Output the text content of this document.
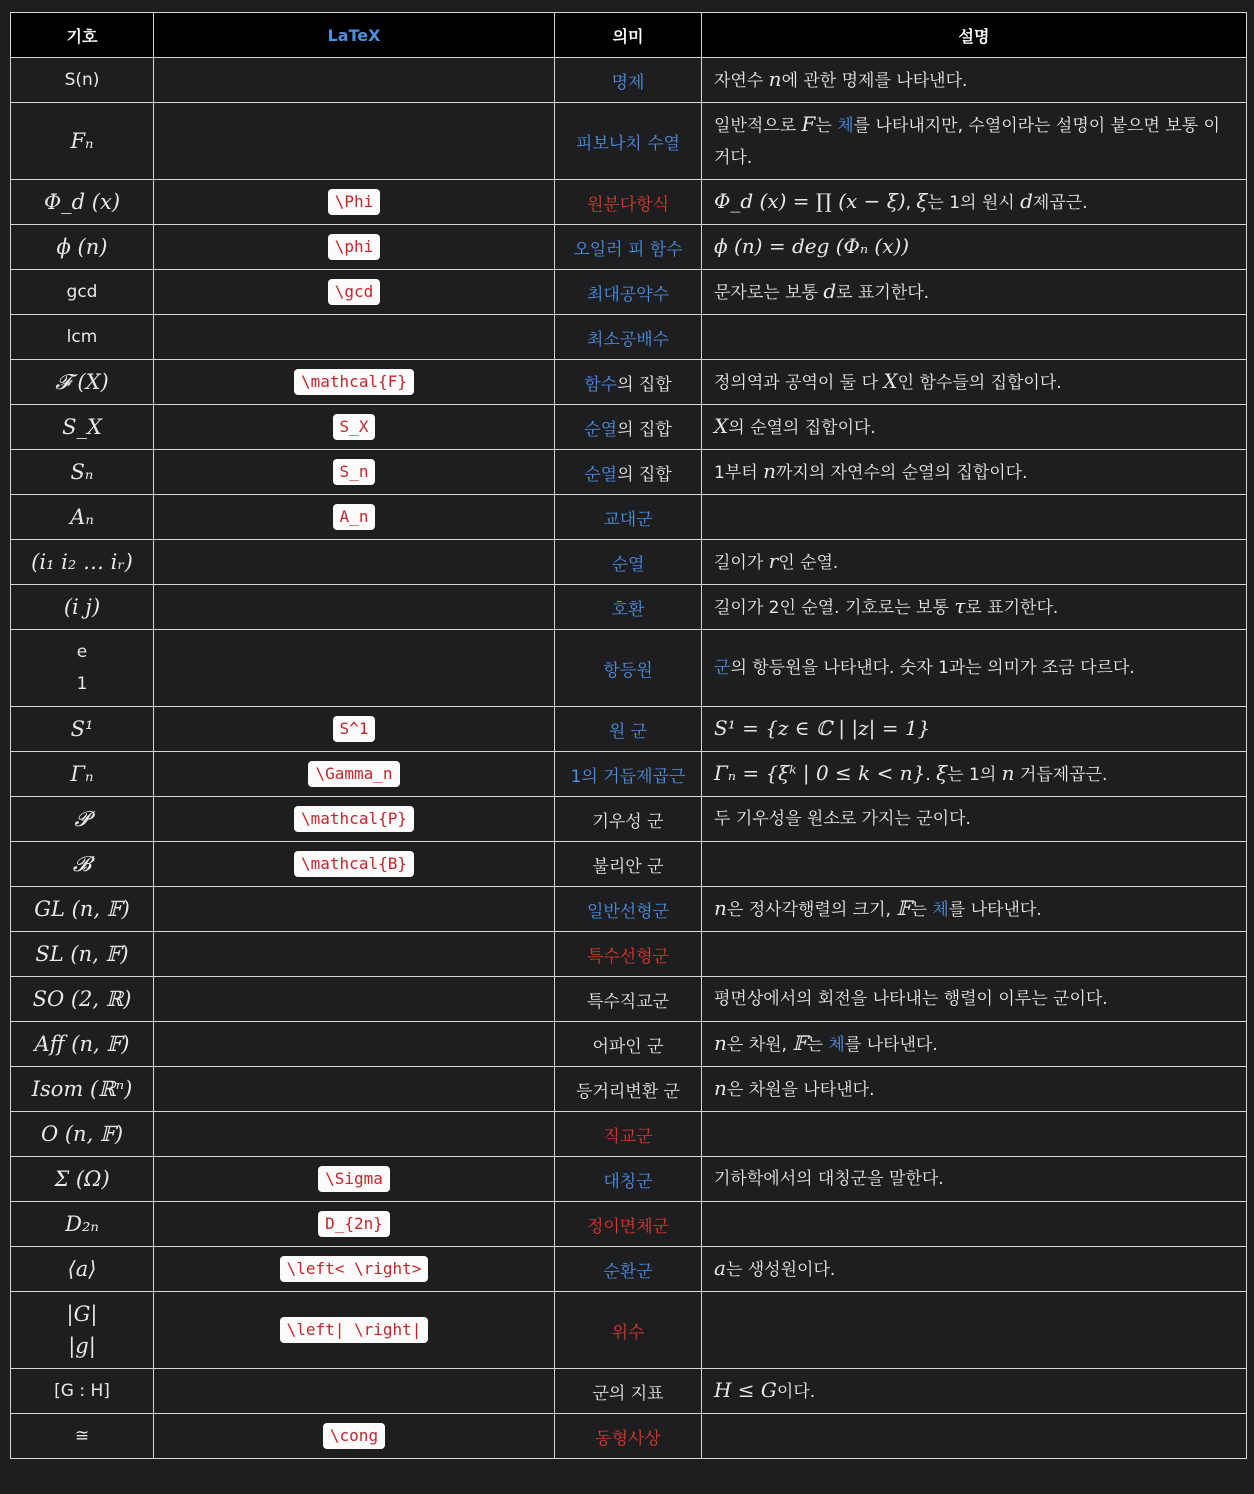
기호	LaTeX	의미	설명
S(n)		명제	자연수 n에 관한 명제를 나타낸다.
Fₙ		피보나치 수열	일반적으로 F는 체를 나타내지만, 수열이라는 설명이 붙으면 보통 이 거다.
Φ_d (x)	\Phi	원분다항식	Φ_d (x) = ∏ (x − ξ), ξ는 1의 원시 d제곱근.
ϕ (n)	\phi	오일러 피 함수	ϕ (n) = deg (Φₙ (x))
gcd	\gcd	최대공약수	문자로는 보통 d로 표기한다.
lcm		최소공배수	
𝓕 (X)	\mathcal{F}	함수의 집합	정의역과 공역이 둘 다 X인 함수들의 집합이다.
S_X	S_X	순열의 집합	X의 순열의 집합이다.
Sₙ	S_n	순열의 집합	1부터 n까지의 자연수의 순열의 집합이다.
Aₙ	A_n	교대군	
(i₁ i₂ … iᵣ)		순열	길이가 r인 순열.
(i j)		호환	길이가 2인 순열. 기호로는 보통 τ로 표기한다.

e
1		항등원	군의 항등원을 나타낸다. 숫자 1과는 의미가 조금 다르다.
S¹	S^1	원 군	S¹ = {z ∈ ℂ | |z| = 1}
Γₙ	\Gamma_n	1의 거듭제곱근	Γₙ = {ξᵏ | 0 ≤ k < n}. ξ는 1의 n 거듭제곱근.
𝓟	\mathcal{P}	기우성 군	두 기우성을 원소로 가지는 군이다.
𝓑	\mathcal{B}	불리안 군	
GL (n, 𝔽)		일반선형군	n은 정사각행렬의 크기, 𝔽는 체를 나타낸다.
SL (n, 𝔽)		특수선형군	
SO (2, ℝ)		특수직교군	평면상에서의 회전을 나타내는 행렬이 이루는 군이다.
Aff (n, 𝔽)		어파인 군	n은 차원, 𝔽는 체를 나타낸다.
Isom (ℝⁿ)		등거리변환 군	n은 차원을 나타낸다.
O (n, 𝔽)		직교군	
Σ (Ω)	\Sigma	대칭군	기하학에서의 대칭군을 말한다.
D₂ₙ	D_{2n}	정이면체군	
⟨a⟩	\left< \right>	순환군	a는 생성원이다.

|G|
|g|	\left| \right|	위수	
[G : H]		군의 지표	H ≤ G이다.
≅	\cong	동형사상	
